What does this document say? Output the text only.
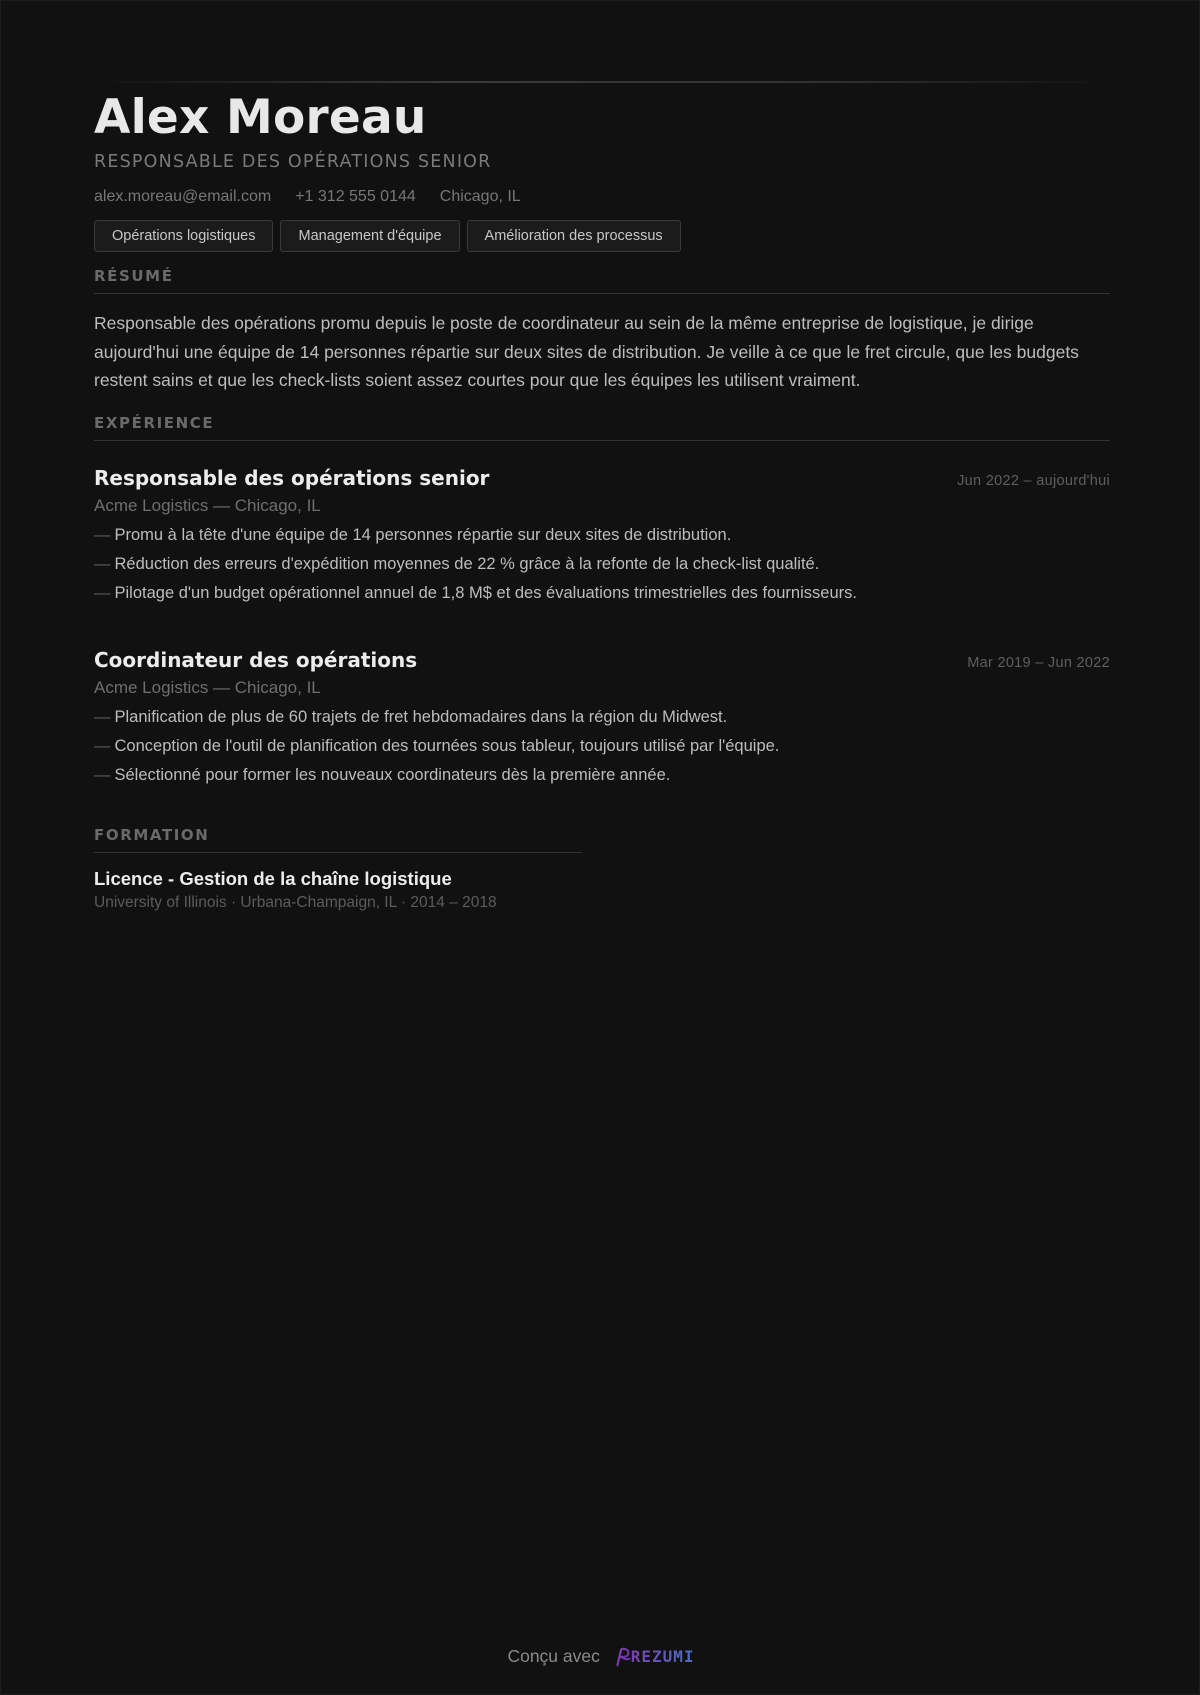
Alex Moreau
RESPONSABLE DES OPÉRATIONS SENIOR
alex.moreau@email.com +1 312 555 0144 Chicago, IL
Opérations logistiques	Management d'équipe	Amélioration des processus
RÉSUMÉ

Responsable des opérations promu depuis le poste de coordinateur au sein de la même entreprise de logistique, je dirige aujourd'hui une équipe de 14 personnes répartie sur deux sites de distribution. Je veille à ce que le fret circule, que les budgets restent sains et que les check-lists soient assez courtes pour que les équipes les utilisent vraiment.

EXPÉRIENCE
Responsable des opérations senior	Jun 2022 – aujourd'hui
Acme Logistics — Chicago, IL
— Promu à la tête d'une équipe de 14 personnes répartie sur deux sites de distribution.
— Réduction des erreurs d'expédition moyennes de 22 % grâce à la refonte de la check-list qualité.
— Pilotage d'un budget opérationnel annuel de 1,8 M$ et des évaluations trimestrielles des fournisseurs.
Coordinateur des opérations	Mar 2019 – Jun 2022
Acme Logistics — Chicago, IL
— Planification de plus de 60 trajets de fret hebdomadaires dans la région du Midwest.
— Conception de l'outil de planification des tournées sous tableur, toujours utilisé par l'équipe.
— Sélectionné pour former les nouveaux coordinateurs dès la première année.
FORMATION
Licence - Gestion de la chaîne logistique
University of Illinois · Urbana-Champaign, IL · 2014 – 2018
Conçu avec REZUMI
